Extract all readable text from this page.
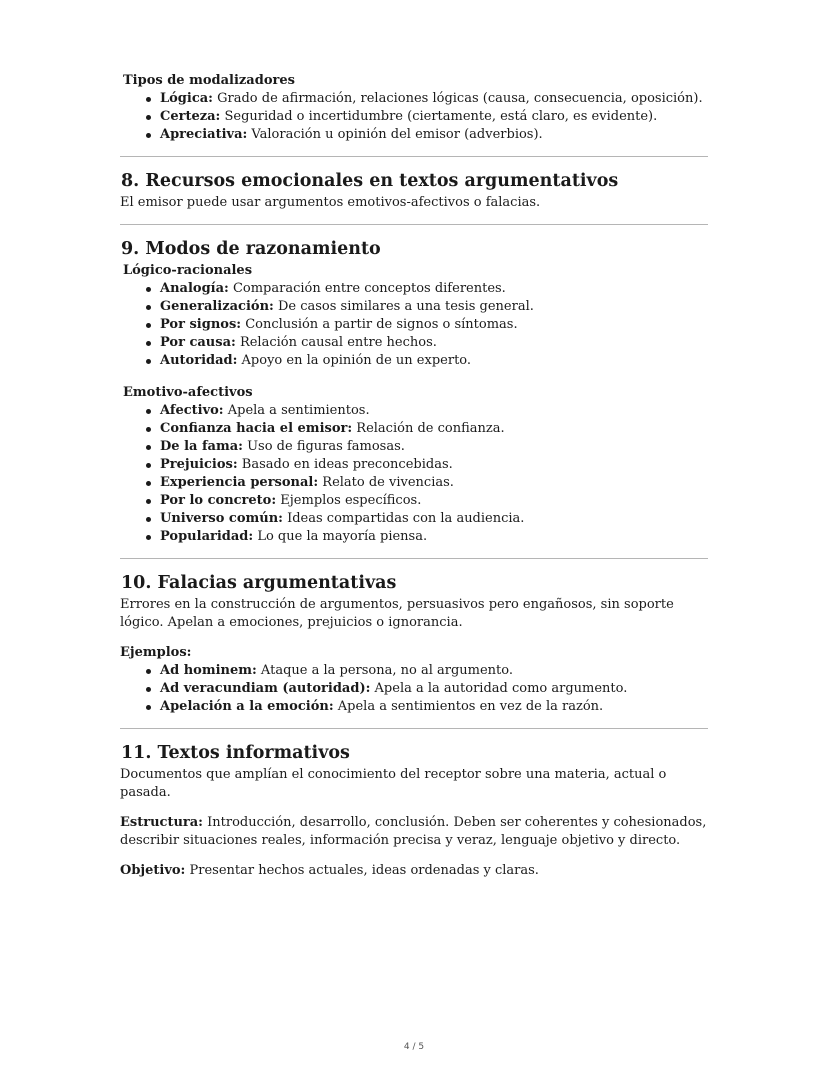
Tipos de modalizadores
Lógica: Grado de afirmación, relaciones lógicas (causa, consecuencia, oposición).
Certeza: Seguridad o incertidumbre (ciertamente, está claro, es evidente).
Apreciativa: Valoración u opinión del emisor (adverbios).
8. Recursos emocionales en textos argumentativos

El emisor puede usar argumentos emotivos-afectivos o falacias.

9. Modos de razonamiento
Lógico-racionales
Analogía: Comparación entre conceptos diferentes.
Generalización: De casos similares a una tesis general.
Por signos: Conclusión a partir de signos o síntomas.
Por causa: Relación causal entre hechos.
Autoridad: Apoyo en la opinión de un experto.
Emotivo-afectivos
Afectivo: Apela a sentimientos.
Confianza hacia el emisor: Relación de confianza.
De la fama: Uso de figuras famosas.
Prejuicios: Basado en ideas preconcebidas.
Experiencia personal: Relato de vivencias.
Por lo concreto: Ejemplos específicos.
Universo común: Ideas compartidas con la audiencia.
Popularidad: Lo que la mayoría piensa.
10. Falacias argumentativas

Errores en la construcción de argumentos, persuasivos pero engañosos, sin soporte lógico. Apelan a emociones, prejuicios o ignorancia.

Ejemplos:

Ad hominem: Ataque a la persona, no al argumento.
Ad veracundiam (autoridad): Apela a la autoridad como argumento.
Apelación a la emoción: Apela a sentimientos en vez de la razón.
11. Textos informativos

Documentos que amplían el conocimiento del receptor sobre una materia, actual o pasada.

Estructura: Introducción, desarrollo, conclusión. Deben ser coherentes y cohesionados, describir situaciones reales, información precisa y veraz, lenguaje objetivo y directo.

Objetivo: Presentar hechos actuales, ideas ordenadas y claras.

4 / 5
